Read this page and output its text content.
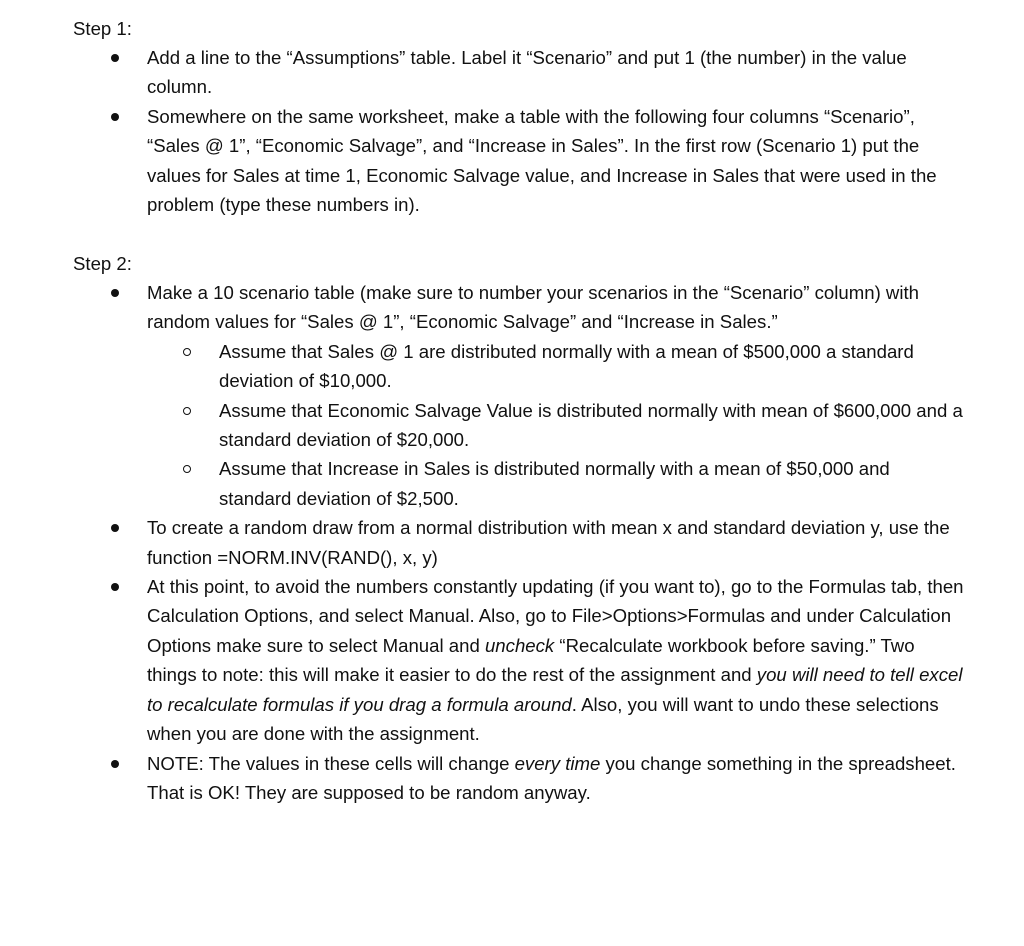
Step 1:
Add a line to the “Assumptions” table. Label it “Scenario” and put 1 (the number) in the value column.
Somewhere on the same worksheet, make a table with the following four columns “Scenario”, “Sales @ 1”, “Economic Salvage”, and “Increase in Sales”. In the first row (Scenario 1) put the values for Sales at time 1, Economic Salvage value, and Increase in Sales that were used in the problem (type these numbers in).
Step 2:
Make a 10 scenario table (make sure to number your scenarios in the “Scenario” column) with random values for “Sales @ 1”, “Economic Salvage” and “Increase in Sales.”
Assume that Sales @ 1 are distributed normally with a mean of $500,000 a standard deviation of $10,000.
Assume that Economic Salvage Value is distributed normally with mean of $600,000 and a standard deviation of $20,000.
Assume that Increase in Sales is distributed normally with a mean of $50,000 and standard deviation of $2,500.
To create a random draw from a normal distribution with mean x and standard deviation y, use the function =NORM.INV(RAND(), x, y)
At this point, to avoid the numbers constantly updating (if you want to), go to the Formulas tab, then Calculation Options, and select Manual. Also, go to File>Options>Formulas and under Calculation Options make sure to select Manual and uncheck “Recalculate workbook before saving.” Two things to note: this will make it easier to do the rest of the assignment and you will need to tell excel to recalculate formulas if you drag a formula around. Also, you will want to undo these selections when you are done with the assignment.
NOTE: The values in these cells will change every time you change something in the spreadsheet. That is OK! They are supposed to be random anyway.
